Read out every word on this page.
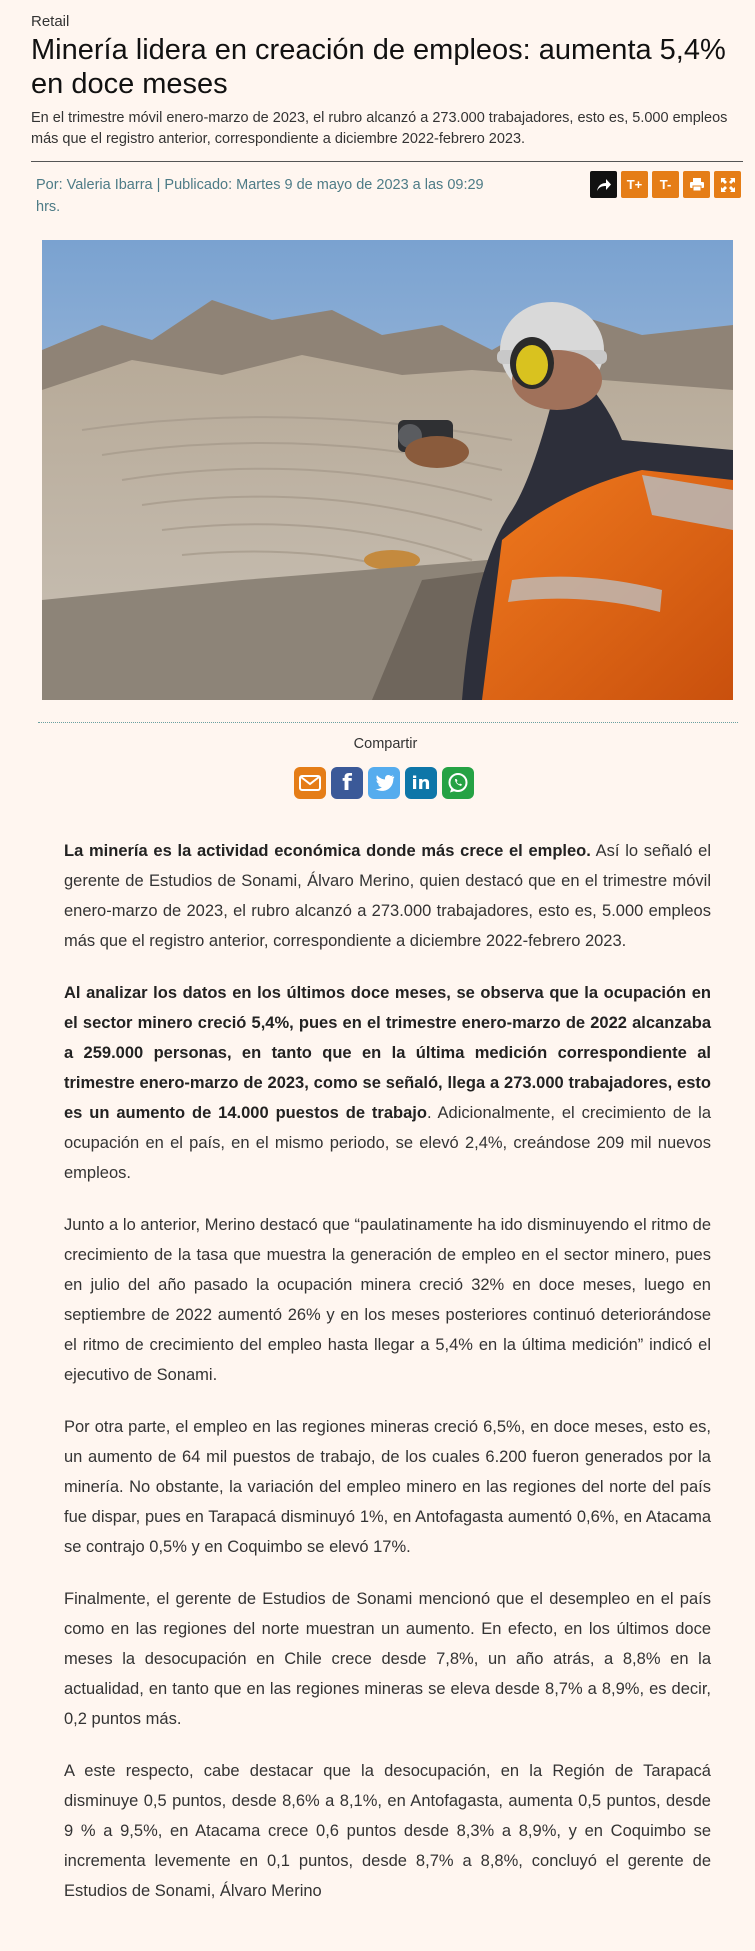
Retail
Minería lidera en creación de empleos: aumenta 5,4% en doce meses

En el trimestre móvil enero-marzo de 2023, el rubro alcanzó a 273.000 trabajadores, esto es, 5.000 empleos más que el registro anterior, correspondiente a diciembre 2022-febrero 2023.

Por: Valeria Ibarra | Publicado: Martes 9 de mayo de 2023 a las 09:29 hrs.
T+	T-
Compartir
f	in

La minería es la actividad económica donde más crece el empleo. Así lo señaló el gerente de Estudios de Sonami, Álvaro Merino, quien destacó que en el trimestre móvil enero-marzo de 2023, el rubro alcanzó a 273.000 trabajadores, esto es, 5.000 empleos más que el registro anterior, correspondiente a diciembre 2022-febrero 2023.

Al analizar los datos en los últimos doce meses, se observa que la ocupación en el sector minero creció 5,4%, pues en el trimestre enero-marzo de 2022 alcanzaba a 259.000 personas, en tanto que en la última medición correspondiente al trimestre enero-marzo de 2023, como se señaló, llega a 273.000 trabajadores, esto es un aumento de 14.000 puestos de trabajo. Adicionalmente, el crecimiento de la ocupación en el país, en el mismo periodo, se elevó 2,4%, creándose 209 mil nuevos empleos.

Junto a lo anterior, Merino destacó que “paulatinamente ha ido disminuyendo el ritmo de crecimiento de la tasa que muestra la generación de empleo en el sector minero, pues en julio del año pasado la ocupación minera creció 32% en doce meses, luego en septiembre de 2022 aumentó 26% y en los meses posteriores continuó deteriorándose el ritmo de crecimiento del empleo hasta llegar a 5,4% en la última medición” indicó el ejecutivo de Sonami.

Por otra parte, el empleo en las regiones mineras creció 6,5%, en doce meses, esto es, un aumento de 64 mil puestos de trabajo, de los cuales 6.200 fueron generados por la minería. No obstante, la variación del empleo minero en las regiones del norte del país fue dispar, pues en Tarapacá disminuyó 1%, en Antofagasta aumentó 0,6%, en Atacama se contrajo 0,5% y en Coquimbo se elevó 17%.

Finalmente, el gerente de Estudios de Sonami mencionó que el desempleo en el país como en las regiones del norte muestran un aumento. En efecto, en los últimos doce meses la desocupación en Chile crece desde 7,8%, un año atrás, a 8,8% en la actualidad, en tanto que en las regiones mineras se eleva desde 8,7% a 8,9%, es decir, 0,2 puntos más.

A este respecto, cabe destacar que la desocupación, en la Región de Tarapacá disminuye 0,5 puntos, desde 8,6% a 8,1%, en Antofagasta, aumenta 0,5 puntos, desde 9 % a 9,5%, en Atacama crece 0,6 puntos desde 8,3% a 8,9%, y en Coquimbo se incrementa levemente en 0,1 puntos, desde 8,7% a 8,8%, concluyó el gerente de Estudios de Sonami, Álvaro Merino
